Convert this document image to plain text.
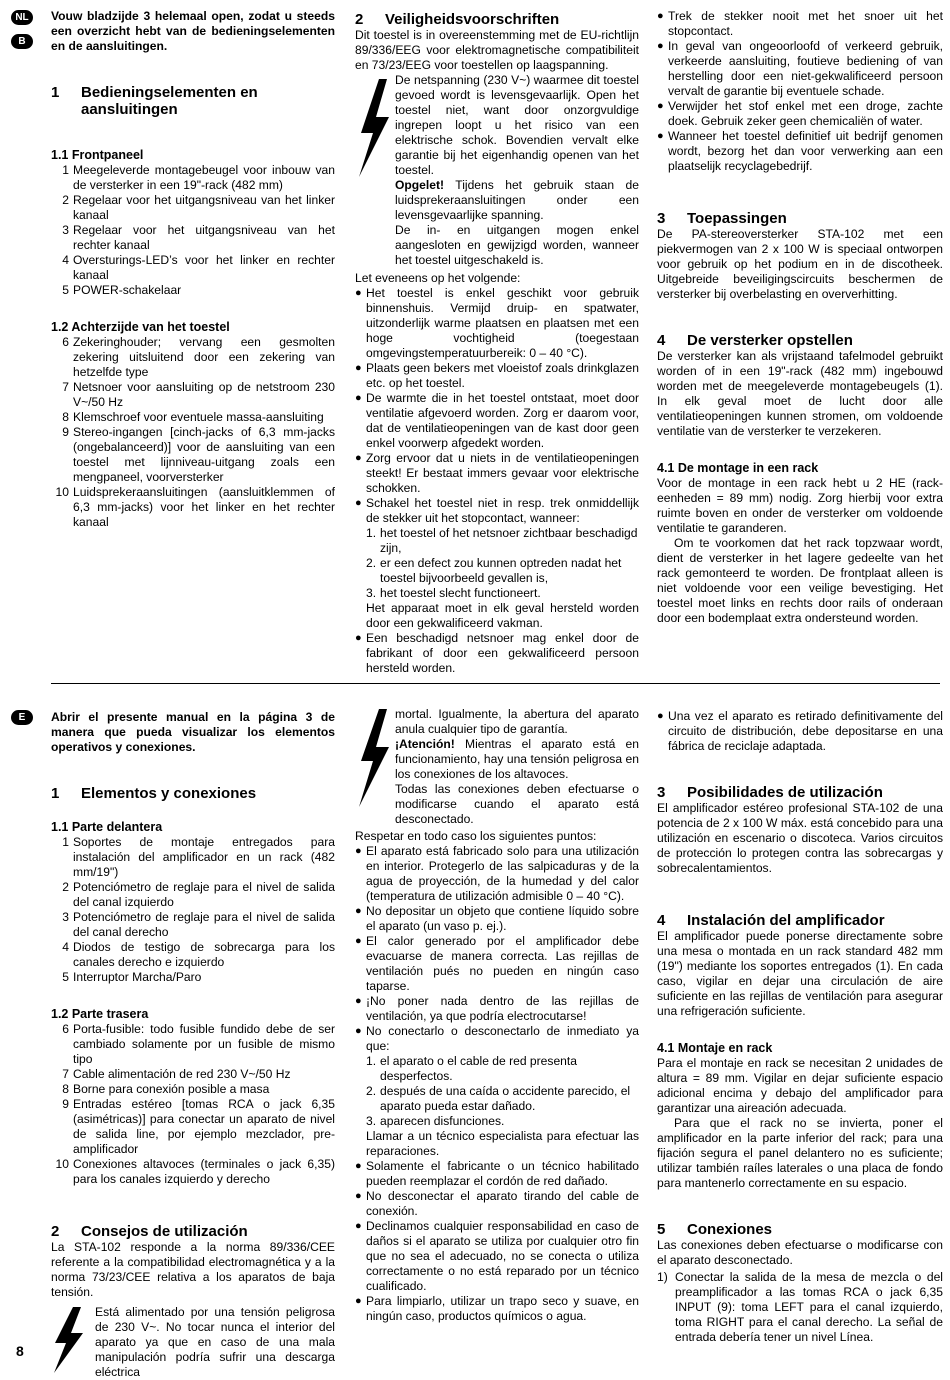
NL
B

Vouw bladzijde 3 helemaal open, zodat u steeds een overzicht hebt van de bedieningselementen en de aansluitingen.

1	Bedieningselementen en aansluitingen
1.1 Frontpaneel
1 Meegeleverde montagebeugel voor inbouw van de versterker in een 19"-rack (482 mm)
2 Regelaar voor het uitgangsniveau van het linker kanaal
3 Regelaar voor het uitgangsniveau van het rechter kanaal
4 Oversturings-LED’s voor het linker en rechter kanaal
5 POWER-schakelaar
1.2 Achterzijde van het toestel
6 Zekeringhouder; vervang een gesmolten zekering uitsluitend door een zekering van hetzelfde type
7 Netsnoer voor aansluiting op de netstroom 230 V~/50 Hz
8 Klemschroef voor eventuele massa-aansluiting
9 Stereo-ingangen [cinch-jacks of 6,3 mm-jacks (ongebalanceerd)] voor de aansluiting van een toestel met lijnniveau-uitgang zoals een mengpaneel, voorversterker
10 Luidsprekeraansluitingen (aansluitklemmen of 6,3 mm-jacks) voor het linker en het rechter kanaal
2	Veiligheidsvoorschriften

Dit toestel is in overeenstemming met de EU-richtlijn 89/336/EEG voor elektromagnetische compatibiliteit en 73/23/EEG voor toestellen op laagspanning.

De netspanning (230 V~) waarmee dit toestel gevoed wordt is levensgevaarlijk. Open het toestel niet, want door onzorgvuldige ingrepen loopt u het risico van een elektrische schok. Bovendien vervalt elke garantie bij het eigenhandig openen van het toestel.

Opgelet! Tijdens het gebruik staan de luidsprekeraansluitingen onder een levensgevaarlijke spanning.

De in- en uitgangen mogen enkel aangesloten en gewijzigd worden, wanneer het toestel uitgeschakeld is.

Let eveneens op het volgende:

● Het toestel is enkel geschikt voor gebruik binnenshuis. Vermijd druip- en spatwater, uitzonderlijk warme plaatsen en plaatsen met een hoge vochtigheid (toegestaan omgevingstemperatuurbereik: 0 – 40 °C).
● Plaats geen bekers met vloeistof zoals drinkglazen etc. op het toestel.
● De warmte die in het toestel ontstaat, moet door ventilatie afgevoerd worden. Zorg er daarom voor, dat de ventilatieopeningen van de kast door geen enkel voorwerp afgedekt worden.
● Zorg ervoor dat u niets in de ventilatieopeningen steekt! Er bestaat immers gevaar voor elektrische schokken.
● Schakel het toestel niet in resp. trek onmiddellijk de stekker uit het stopcontact, wanneer:
1. het toestel of het netsnoer zichtbaar beschadigd zijn,
2. er een defect zou kunnen optreden nadat het toestel bijvoorbeeld gevallen is,
3. het toestel slecht functioneert.

Het apparaat moet in elk geval hersteld worden door een gekwalificeerd vakman.

● Een beschadigd netsnoer mag enkel door de fabrikant of door een gekwalificeerd persoon hersteld worden.
● Trek de stekker nooit met het snoer uit het stopcontact.
● In geval van ongeoorloofd of verkeerd gebruik, verkeerde aansluiting, foutieve bediening of van herstelling door een niet-gekwalificeerd persoon vervalt de garantie bij eventuele schade.
● Verwijder het stof enkel met een droge, zachte doek. Gebruik zeker geen chemicaliën of water.
● Wanneer het toestel definitief uit bedrijf genomen wordt, bezorg het dan voor verwerking aan een plaatselijk recyclagebedrijf.
3	Toepassingen

De PA-stereoversterker STA-102 met een piekvermogen van 2 x 100 W is speciaal ontworpen voor gebruik op het podium en in de discotheek. Uitgebreide beveiligingscircuits beschermen de versterker bij overbelasting en oververhitting.

4	De versterker opstellen

De versterker kan als vrijstaand tafelmodel gebruikt worden of in een 19"-rack (482 mm) ingebouwd worden met de meegeleverde montagebeugels (1). In elk geval moet de lucht door alle ventilatieopeningen kunnen stromen, om voldoende ventilatie van de versterker te verzekeren.

4.1 De montage in een rack

Voor de montage in een rack hebt u 2 HE (rack-eenheden = 89 mm) nodig. Zorg hierbij voor extra ruimte boven en onder de versterker om voldoende ventilatie te garanderen.

Om te voorkomen dat het rack topzwaar wordt, dient de versterker in het lagere gedeelte van het rack gemonteerd te worden. De frontplaat alleen is niet voldoende voor een veilige bevestiging. Het toestel moet links en rechts door rails of onderaan door een bodemplaat extra ondersteund worden.

E	Abrir el presente manual en la página 3 de manera que pueda visualizar los elementos operativos y conexiones.

1	Elementos y conexiones
1.1 Parte delantera
1 Soportes de montaje entregados para instalación del amplificador en un rack (482 mm/19")
2 Potenciómetro de reglaje para el nivel de salida del canal izquierdo
3 Potenciómetro de reglaje para el nivel de salida del canal derecho
4 Diodos de testigo de sobrecarga para los canales derecho e izquierdo
5 Interruptor Marcha/Paro
1.2 Parte trasera
6 Porta-fusible: todo fusible fundido debe de ser cambiado solamente por un fusible de mismo tipo
7 Cable alimentación de red 230 V~/50 Hz
8 Borne para conexión posible a masa
9 Entradas estéreo [tomas RCA o jack 6,35 (asimétricas)] para conectar un aparato de nivel de salida line, por ejemplo mezclador, pre-amplificador
10 Conexiones altavoces (terminales o jack 6,35) para los canales izquierdo y derecho
2	Consejos de utilización

La STA-102 responde a la norma 89/336/CEE referente a la compatibilidad electromagnética y a la norma 73/23/CEE relativa a los aparatos de baja tensión.

Está alimentado por una tensión peligrosa de 230 V~. No tocar nunca el interior del aparato ya que en caso de una mala manipulación podría sufrir una descarga eléctrica

mortal. Igualmente, la abertura del aparato anula cualquier tipo de garantía.

¡Atención! Mientras el aparato está en funcionamiento, hay una tensión peligrosa en los conexiones de los altavoces.

Todas las conexiones deben efectuarse o modificarse cuando el aparato está desconectado.

Respetar en todo caso los siguientes puntos:

● El aparato está fabricado solo para una utilización en interior. Protegerlo de las salpicaduras y de la agua de proyección, de la humedad y del calor (temperatura de utilización admisible 0 – 40 °C).
● No depositar un objeto que contiene líquido sobre el aparato (un vaso p. ej.).
● El calor generado por el amplificador debe evacuarse de manera correcta. Las rejillas de ventilación pués no pueden en ningún caso taparse.
● ¡No poner nada dentro de las rejillas de ventilación, ya que podría electrocutarse!
● No conectarlo o desconectarlo de inmediato ya que:
1. el aparato o el cable de red presenta desperfectos.
2. después de una caída o accidente parecido, el aparato pueda estar dañado.
3. aparecen disfunciones.

Llamar a un técnico especialista para efectuar las reparaciones.

● Solamente el fabricante o un técnico habilitado pueden reemplazar el cordón de red dañado.
● No desconectar el aparato tirando del cable de conexión.
● Declinamos cualquier responsabilidad en caso de daños si el aparato se utiliza por cualquier otro fin que no sea el adecuado, no se conecta o utiliza correctamente o no está reparado por un técnico cualificado.
● Para limpiarlo, utilizar un trapo seco y suave, en ningún caso, productos químicos o agua.
● Una vez el aparato es retirado definitivamente del circuito de distribución, debe depositarse en una fábrica de reciclaje adaptada.
3	Posibilidades de utilización

El amplificador estéreo profesional STA-102 de una potencia de 2 x 100 W máx. está concebido para una utilización en escenario o discoteca. Varios circuitos de protección lo protegen contra las sobrecargas y sobrecalentamientos.

4	Instalación del amplificador

El amplificador puede ponerse directamente sobre una mesa o montada en un rack standard 482 mm (19") mediante los soportes entregados (1). En cada caso, vigilar en dejar una circulación de aire suficiente en las rejillas de ventilación para asegurar una refrigeración suficiente.

4.1 Montaje en rack

Para el montaje en rack se necesitan 2 unidades de altura = 89 mm. Vigilar en dejar suficiente espacio adicional encima y debajo del amplificador para garantizar una aireación adecuada.

Para que el rack no se invierta, poner el amplificador en la parte inferior del rack; para una fijación segura el panel delantero no es suficiente; utilizar también raíles laterales o una placa de fondo para mantenerlo correctamente en su espacio.

5	Conexiones

Las conexiones deben efectuarse o modificarse con el aparato desconectado.

1) Conectar la salida de la mesa de mezcla o del preamplificador a las tomas RCA o jack 6,35 INPUT (9): toma LEFT para el canal izquierdo, toma RIGHT para el canal derecho. La señal de entrada debería tener un nivel Línea.
8
